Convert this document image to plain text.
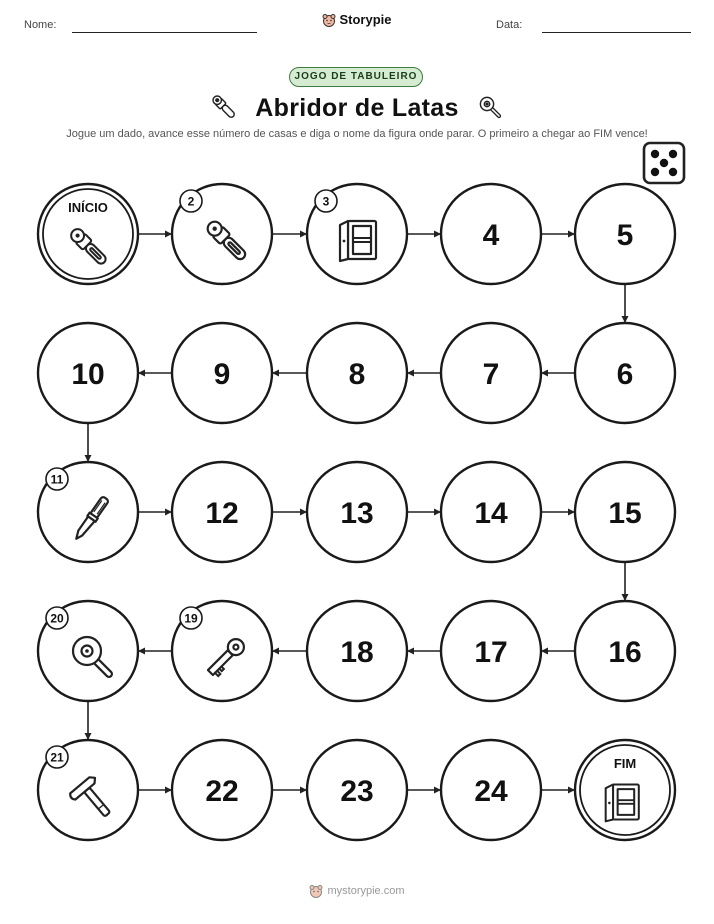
Nome:	Storypie	Data:
JOGO DE TABULEIRO
Abridor de Latas
Jogue um dado, avance esse número de casas e diga o nome da figura onde parar. O primeiro a chegar ao FIM vence!
INÍCIO	2	3
4	5
6
7
8
9
10
11
12	13	14	15
16
17
18
19
20
21
22	23	24
FIM
mystorypie.com
